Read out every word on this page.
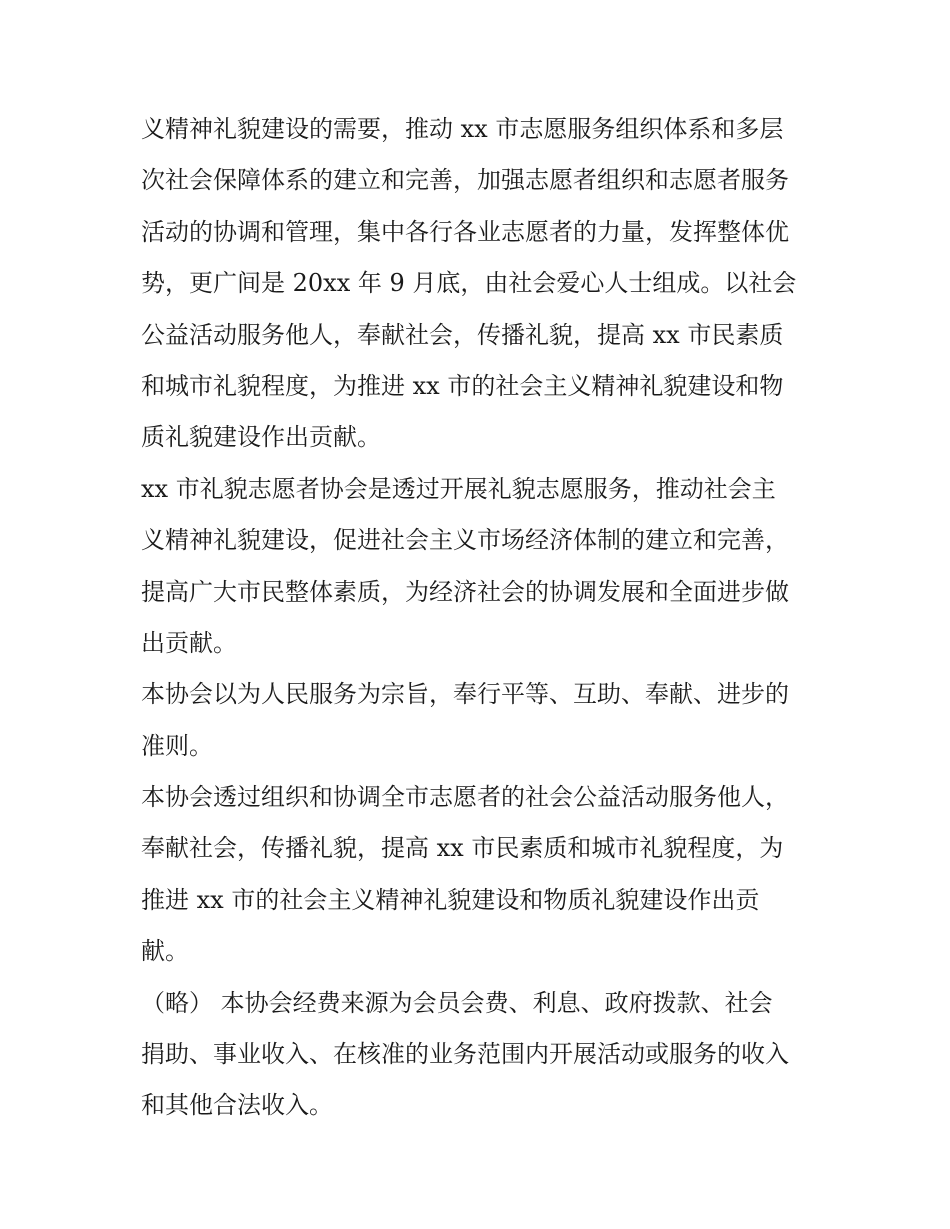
义精神礼貌建设的需要，推动 xx 市志愿服务组织体系和多层
次社会保障体系的建立和完善，加强志愿者组织和志愿者服务
活动的协调和管理，集中各行各业志愿者的力量，发挥整体优
势，更广间是 20xx 年 9 月底，由社会爱心人士组成。以社会
公益活动服务他人，奉献社会，传播礼貌，提高 xx 市民素质
和城市礼貌程度，为推进 xx 市的社会主义精神礼貌建设和物
质礼貌建设作出贡献。
xx 市礼貌志愿者协会是透过开展礼貌志愿服务，推动社会主
义精神礼貌建设，促进社会主义市场经济体制的建立和完善，
提高广大市民整体素质，为经济社会的协调发展和全面进步做
出贡献。
本协会以为人民服务为宗旨，奉行平等、互助、奉献、进步的
准则。
本协会透过组织和协调全市志愿者的社会公益活动服务他人，
奉献社会，传播礼貌，提高 xx 市民素质和城市礼貌程度，为
推进 xx 市的社会主义精神礼貌建设和物质礼貌建设作出贡
献。
（略） 本协会经费来源为会员会费、利息、政府拨款、社会
捐助、事业收入、在核准的业务范围内开展活动或服务的收入
和其他合法收入。
